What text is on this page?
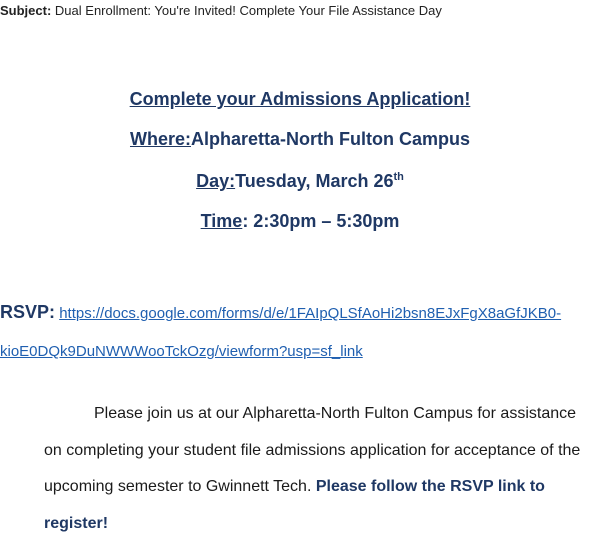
Subject: Dual Enrollment: You're Invited! Complete Your File Assistance Day
Complete your Admissions Application!
Where:Alpharetta-North Fulton Campus
Day:Tuesday, March 26th
Time: 2:30pm – 5:30pm
RSVP: https://docs.google.com/forms/d/e/1FAIpQLSfAoHi2bsn8EJxFgX8aGfJKB0-
kioE0DQk9DuNWWWooTckOzg/viewform?usp=sf_link
Please join us at our Alpharetta-North Fulton Campus for assistance on completing your student file admissions application for acceptance of the upcoming semester to Gwinnett Tech. Please follow the RSVP link to register!
